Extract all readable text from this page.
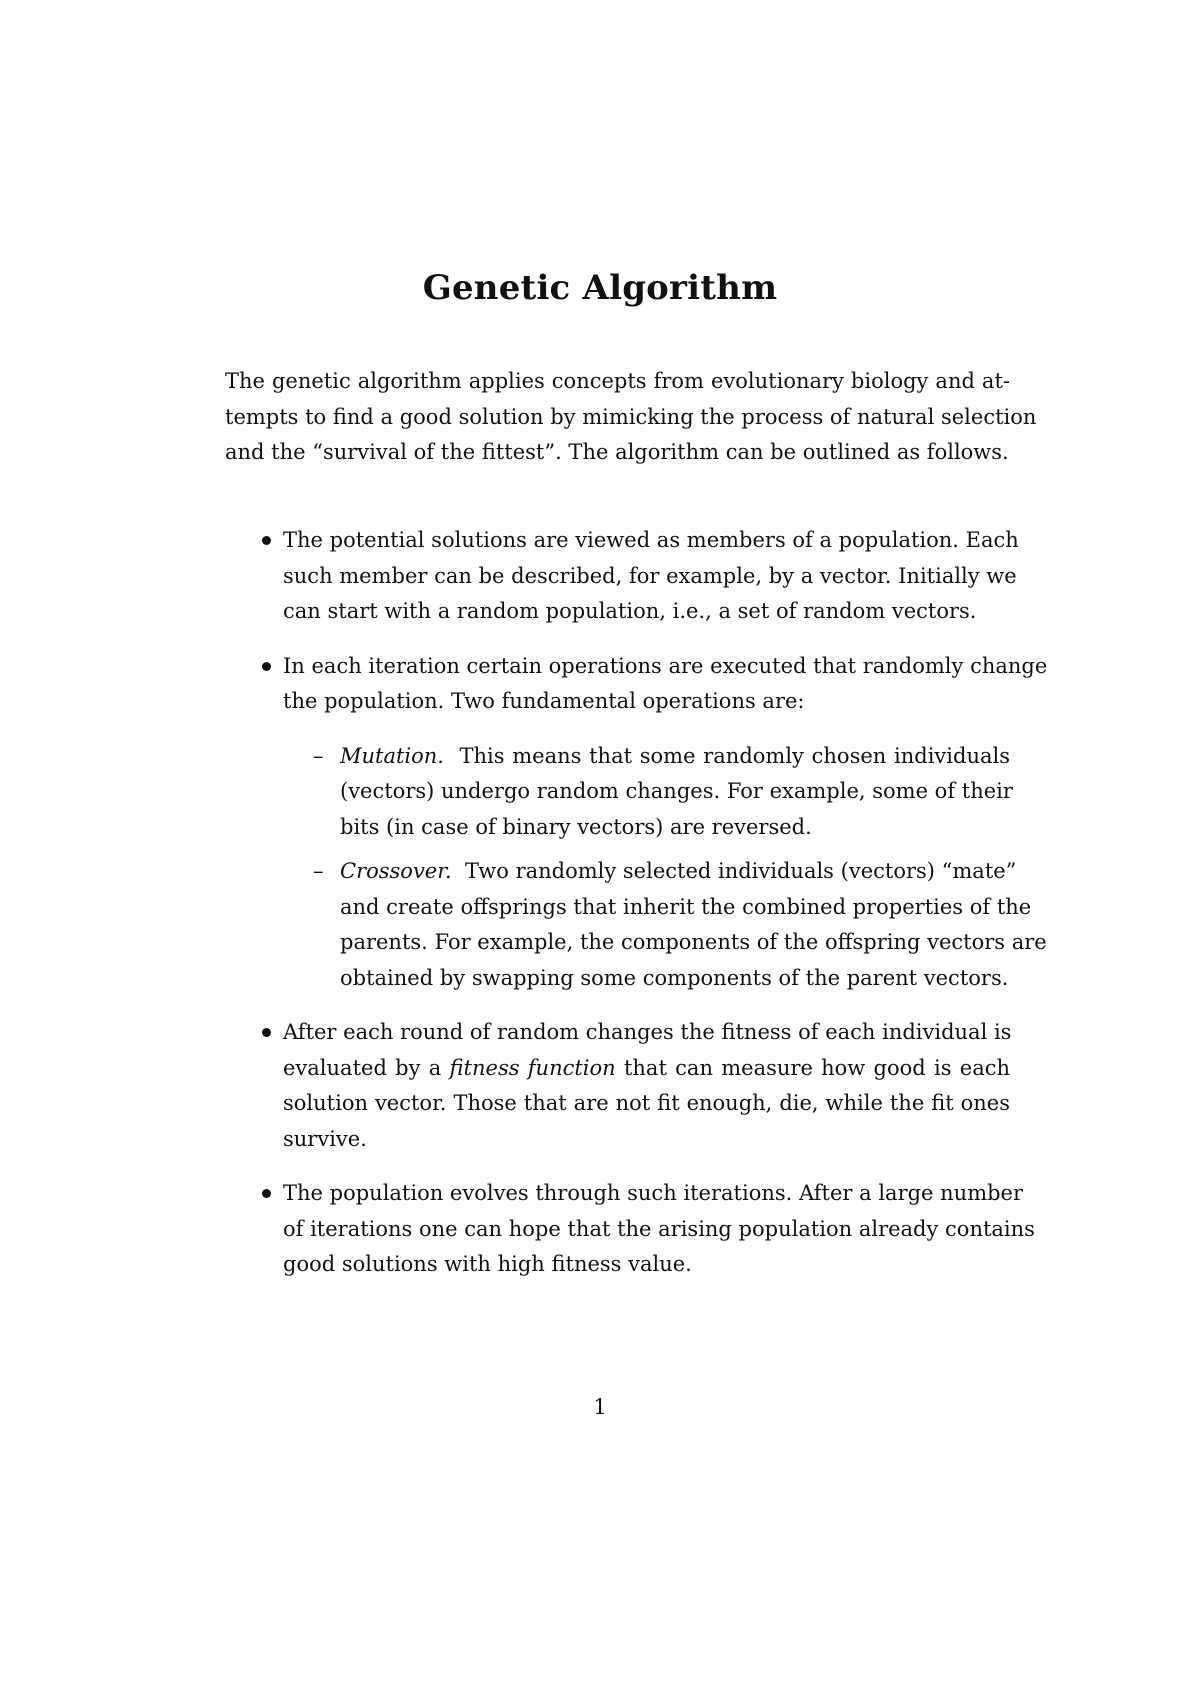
Genetic Algorithm
The genetic algorithm applies concepts from evolutionary biology and at-
tempts to find a good solution by mimicking the process of natural selection
and the “survival of the fittest”. The algorithm can be outlined as follows.
The potential solutions are viewed as members of a population. Each
such member can be described, for example, by a vector. Initially we
can start with a random population, i.e., a set of random vectors.
In each iteration certain operations are executed that randomly change
the population. Two fundamental operations are:
– Mutation. This means that some randomly chosen individuals
(vectors) undergo random changes. For example, some of their
bits (in case of binary vectors) are reversed.
– Crossover. Two randomly selected individuals (vectors) “mate”
and create offsprings that inherit the combined properties of the
parents. For example, the components of the offspring vectors are
obtained by swapping some components of the parent vectors.
After each round of random changes the fitness of each individual is
evaluated by a fitness function that can measure how good is each
solution vector. Those that are not fit enough, die, while the fit ones
survive.
The population evolves through such iterations. After a large number
of iterations one can hope that the arising population already contains
good solutions with high fitness value.
1
